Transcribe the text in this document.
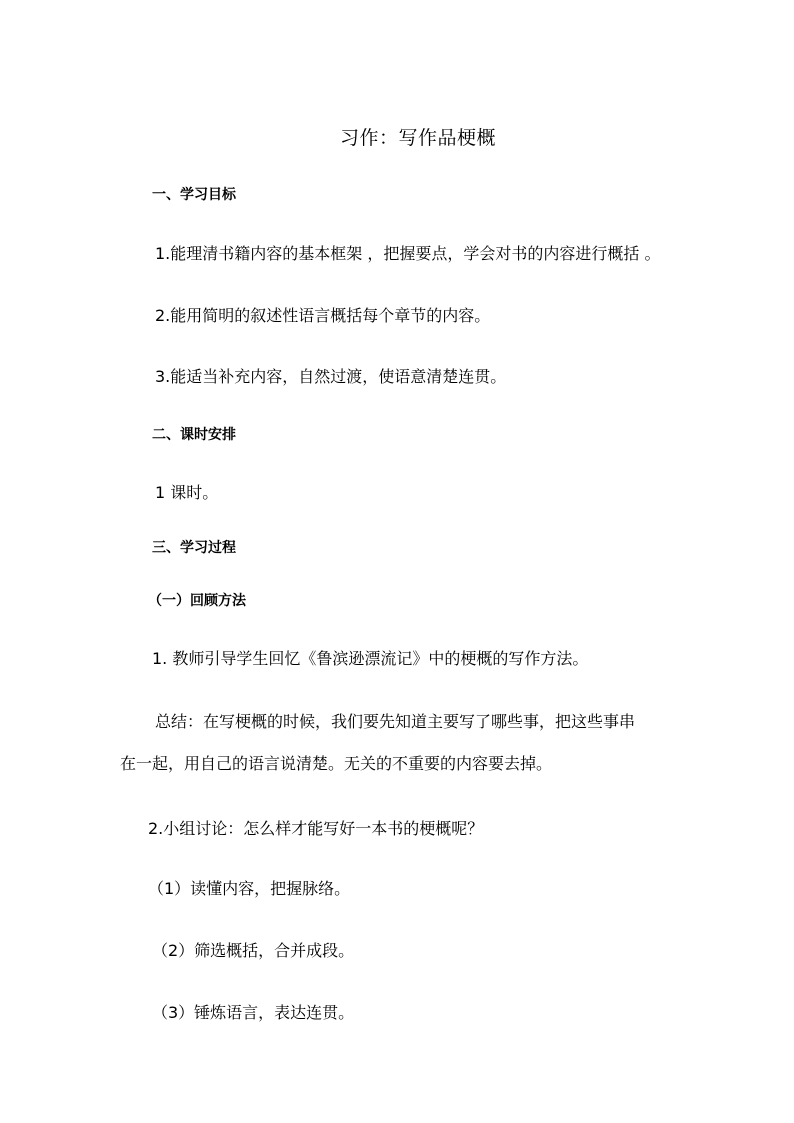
习作：写作品梗概
一、学习目标
1.能理清书籍内容的基本框架 ，把握要点，学会对书的内容进行概括 。
2.能用简明的叙述性语言概括每个章节的内容。
3.能适当补充内容，自然过渡，使语意清楚连贯。
二、课时安排
1 课时。
三、学习过程
（一）回顾方法
1. 教师引导学生回忆《鲁滨逊漂流记》中的梗概的写作方法。
总结：在写梗概的时候，我们要先知道主要写了哪些事，把这些事串
在一起，用自己的语言说清楚。无关的不重要的内容要去掉。
2.小组讨论：怎么样才能写好一本书的梗概呢？
（1）读懂内容，把握脉络。
（2）筛选概括，合并成段。
（3）锤炼语言，表达连贯。
